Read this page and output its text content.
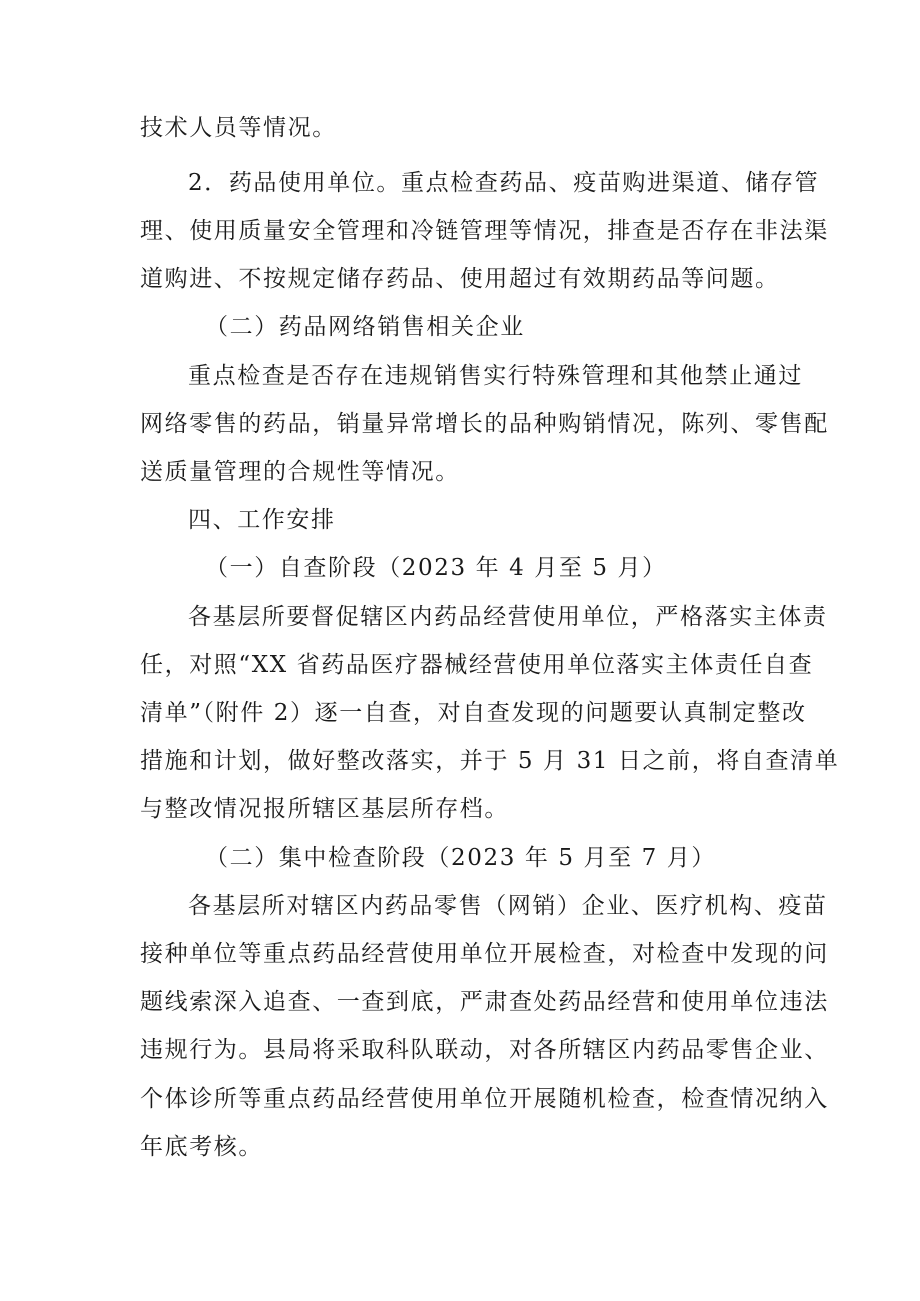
技术人员等情况。
2．药品使用单位。重点检查药品、疫苗购进渠道、储存管
理、使用质量安全管理和冷链管理等情况，排查是否存在非法渠
道购进、不按规定储存药品、使用超过有效期药品等问题。
（二）药品网络销售相关企业
重点检查是否存在违规销售实行特殊管理和其他禁止通过
网络零售的药品，销量异常增长的品种购销情况，陈列、零售配
送质量管理的合规性等情况。
四、工作安排
（一）自查阶段（2023 年 4 月至 5 月）
各基层所要督促辖区内药品经营使用单位，严格落实主体责
任，对照“XX 省药品医疗器械经营使用单位落实主体责任自查
清单”（附件 2）逐一自查，对自查发现的问题要认真制定整改
措施和计划，做好整改落实，并于 5 月 31 日之前，将自查清单
与整改情况报所辖区基层所存档。
（二）集中检查阶段（2023 年 5 月至 7 月）
各基层所对辖区内药品零售（网销）企业、医疗机构、疫苗
接种单位等重点药品经营使用单位开展检查，对检查中发现的问
题线索深入追查、一查到底，严肃查处药品经营和使用单位违法
违规行为。县局将采取科队联动，对各所辖区内药品零售企业、
个体诊所等重点药品经营使用单位开展随机检查，检查情况纳入
年底考核。
